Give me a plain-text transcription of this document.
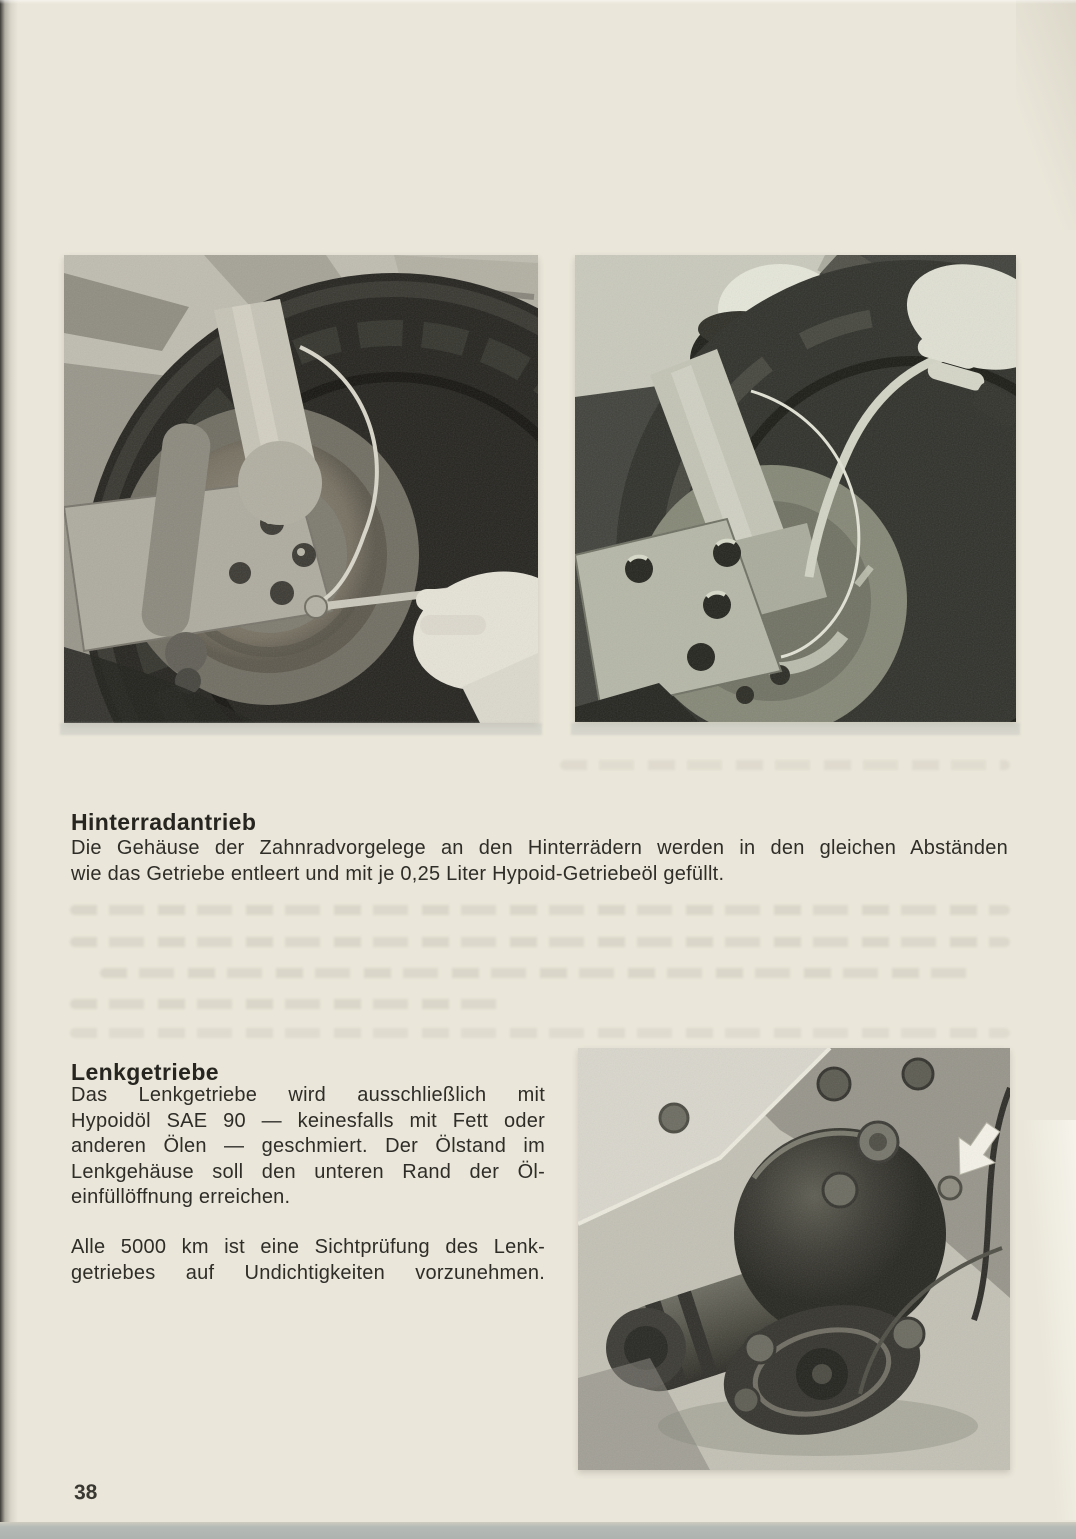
Hinterradantrieb
Die Gehäuse der Zahnradvorgelege an den Hinterrädern werden in den gleichen Abständen
wie das Getriebe entleert und mit je 0,25 Liter Hypoid-Getriebeöl gefüllt.
Lenkgetriebe
Das Lenkgetriebe wird ausschließlich mit
Hypoidöl SAE 90 — keinesfalls mit Fett oder
anderen Ölen — geschmiert. Der Ölstand im
Lenkgehäuse soll den unteren Rand der Öl-
einfüllöffnung erreichen.
Alle 5000 km ist eine Sichtprüfung des Lenk-
getriebes auf Undichtigkeiten vorzunehmen.
38
